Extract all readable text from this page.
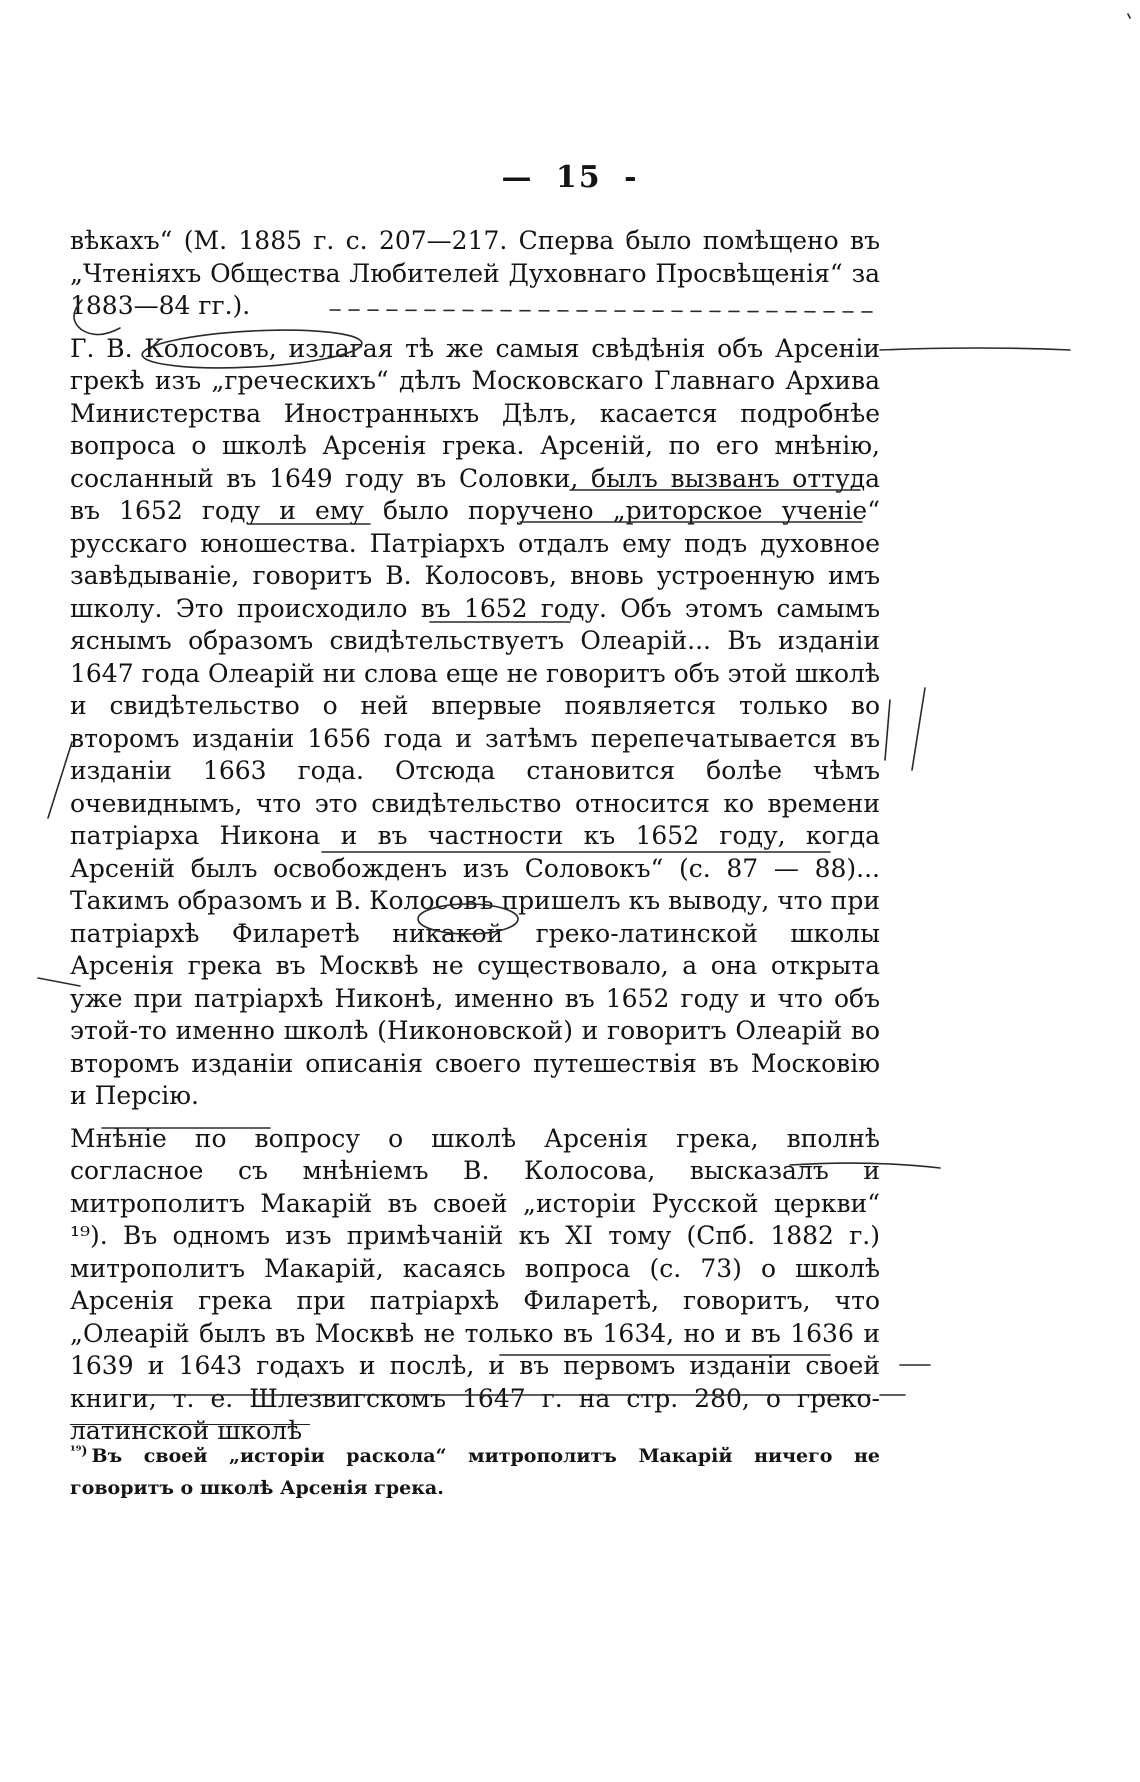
— 15 -

вѣкахъ“ (М. 1885 г. с. 207—217. Сперва было помѣщено въ „Чтеніяхъ Общества Любителей Духовнаго Просвѣщенія“ за 1883—84 гг.).

Г. В. Колосовъ, излагая тѣ же самыя свѣдѣнія объ Арсеніи грекѣ изъ „греческихъ“ дѣлъ Московскаго Главнаго Архива Министерства Иностранныхъ Дѣлъ, касается подробнѣе вопроса о школѣ Арсенія грека. Арсеній, по его мнѣнію, сосланный въ 1649 году въ Соловки, былъ вызванъ оттуда въ 1652 году и ему было поручено „риторское ученіе“ русскаго юношества. Патріархъ отдалъ ему подъ духовное завѣдываніе, говоритъ В. Колосовъ, вновь устроенную имъ школу. Это происходило въ 1652 году. Объ этомъ самымъ яснымъ образомъ свидѣтельствуетъ Олеарій... Въ изданіи 1647 года Олеарій ни слова еще не говоритъ объ этой школѣ и свидѣтельство о ней впервые появляется только во второмъ изданіи 1656 года и затѣмъ перепечатывается въ изданіи 1663 года. Отсюда становится болѣе чѣмъ очевиднымъ, что это свидѣтельство относится ко времени патріарха Никона и въ частности къ 1652 году, когда Арсеній былъ освобожденъ изъ Соловокъ“ (с. 87 — 88)... Такимъ образомъ и В. Колосовъ пришелъ къ выводу, что при патріархѣ Филаретѣ никакой греко-латинской школы Арсенія грека въ Москвѣ не существовало, а она открыта уже при патріархѣ Никонѣ, именно въ 1652 году и что объ этой-то именно школѣ (Никоновской) и говоритъ Олеарій во второмъ изданіи описанія своего путешествія въ Московію и Персію.

Мнѣніе по вопросу о школѣ Арсенія грека, вполнѣ согласное съ мнѣніемъ В. Колосова, высказалъ и митрополитъ Макарій въ своей „исторіи Русской церкви“ ¹⁹). Въ одномъ изъ примѣчаній къ XI тому (Спб. 1882 г.) митрополитъ Макарій, касаясь вопроса (с. 73) о школѣ Арсенія грека при патріархѣ Филаретѣ, говоритъ, что „Олеарій былъ въ Москвѣ не только въ 1634, но и въ 1636 и 1639 и 1643 годахъ и послѣ, и въ первомъ изданіи своей книги, т. е. Шлезвигскомъ 1647 г. на стр. 280, о греко-латинской школѣ

$^{^{19})}$ Въ своей „исторіи раскола“ митрополитъ Макарій ничего не говоритъ о школѣ Арсенія грека.
